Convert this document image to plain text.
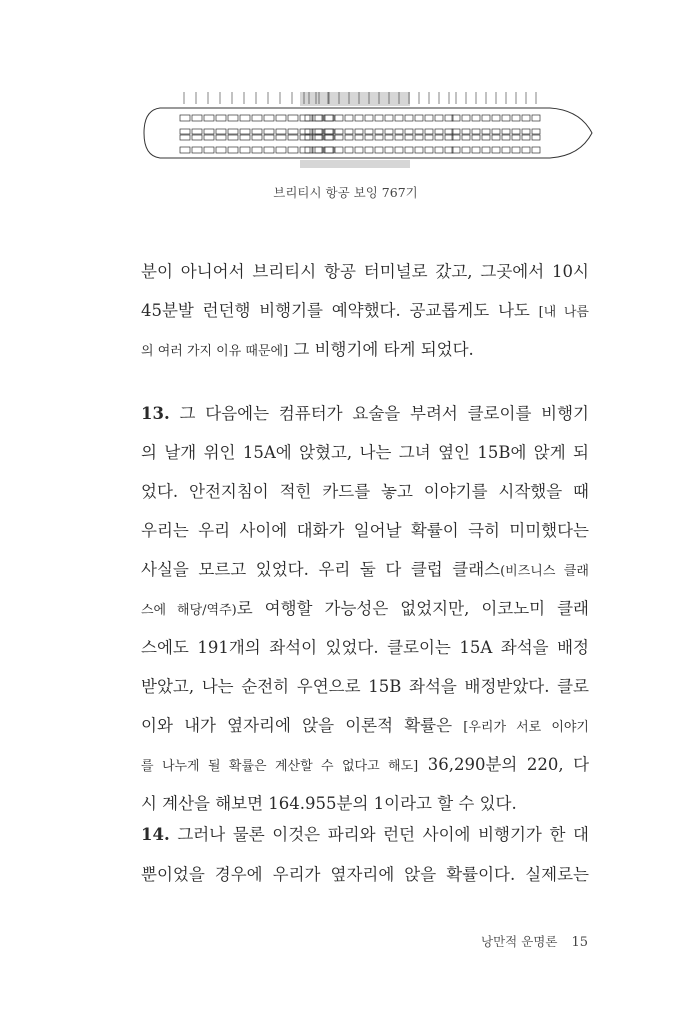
브리티시 항공 보잉 767기
분이 아니어서 브리티시 항공 터미널로 갔고, 그곳에서 10시
45분발 런던행 비행기를 예약했다. 공교롭게도 나도 [내 나름
의 여러 가지 이유 때문에] 그 비행기에 타게 되었다.
13. 그 다음에는 컴퓨터가 요술을 부려서 클로이를 비행기
의 날개 위인 15A에 앉혔고, 나는 그녀 옆인 15B에 앉게 되
었다. 안전지침이 적힌 카드를 놓고 이야기를 시작했을 때
우리는 우리 사이에 대화가 일어날 확률이 극히 미미했다는
사실을 모르고 있었다. 우리 둘 다 클럽 클래스(비즈니스 클래
스에 해당/역주)로 여행할 가능성은 없었지만, 이코노미 클래
스에도 191개의 좌석이 있었다. 클로이는 15A 좌석을 배정
받았고, 나는 순전히 우연으로 15B 좌석을 배정받았다. 클로
이와 내가 옆자리에 앉을 이론적 확률은 [우리가 서로 이야기
를 나누게 될 확률은 계산할 수 없다고 해도] 36,290분의 220, 다
시 계산을 해보면 164.955분의 1이라고 할 수 있다.
14. 그러나 물론 이것은 파리와 런던 사이에 비행기가 한 대
뿐이었을 경우에 우리가 옆자리에 앉을 확률이다. 실제로는
낭만적 운명론 15
